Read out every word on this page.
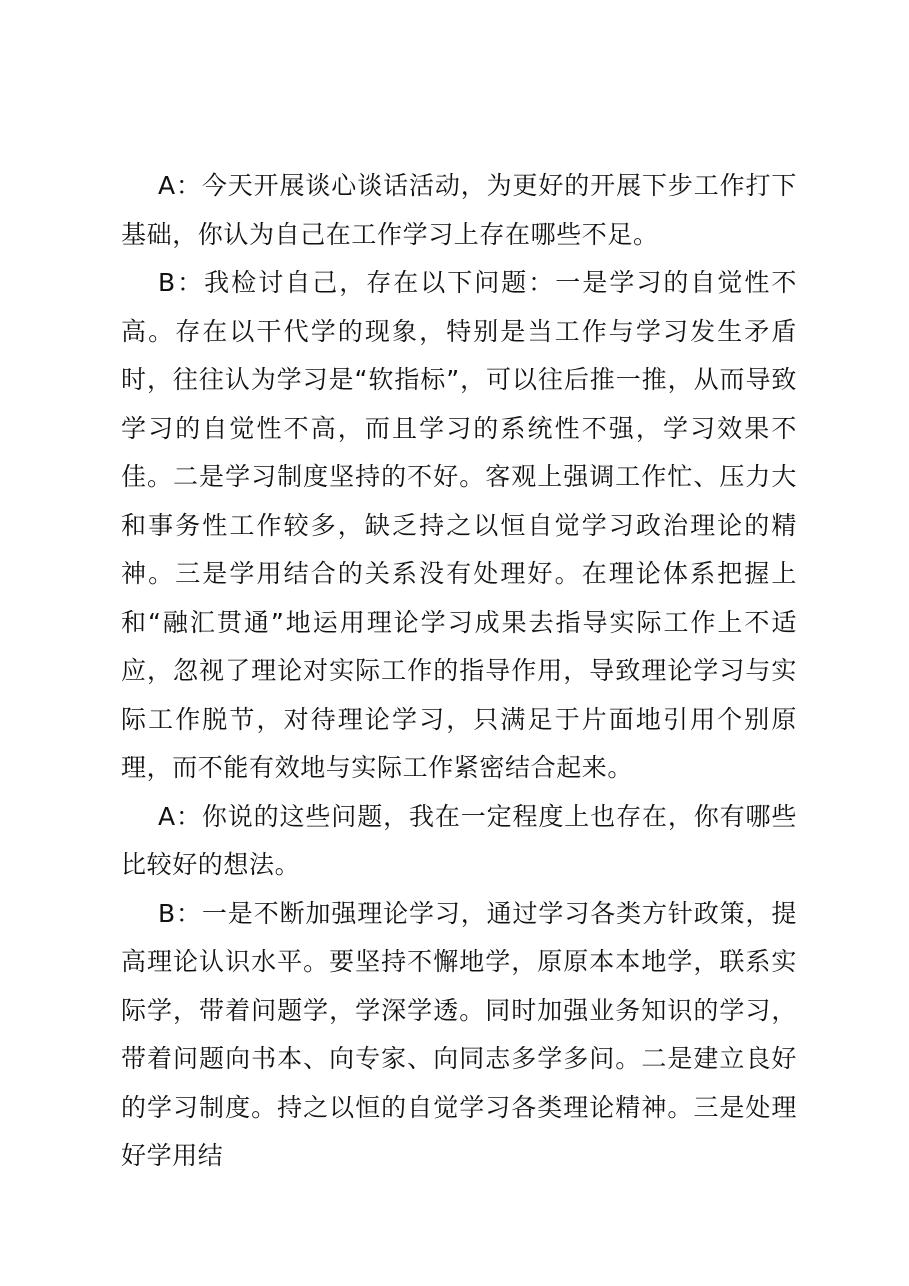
A：今天开展谈心谈话活动，为更好的开展下步工作打下基础，你认为自己在工作学习上存在哪些不足。

B：我检讨自己，存在以下问题：一是学习的自觉性不高。存在以干代学的现象，特别是当工作与学习发生矛盾时，往往认为学习是“软指标”，可以往后推一推，从而导致学习的自觉性不高，而且学习的系统性不强，学习效果不佳。二是学习制度坚持的不好。客观上强调工作忙、压力大和事务性工作较多，缺乏持之以恒自觉学习政治理论的精神。三是学用结合的关系没有处理好。在理论体系把握上和“融汇贯通”地运用理论学习成果去指导实际工作上不适应，忽视了理论对实际工作的指导作用，导致理论学习与实际工作脱节，对待理论学习，只满足于片面地引用个别原理，而不能有效地与实际工作紧密结合起来。

A：你说的这些问题，我在一定程度上也存在，你有哪些比较好的想法。

B：一是不断加强理论学习，通过学习各类方针政策，提高理论认识水平。要坚持不懈地学，原原本本地学，联系实际学，带着问题学，学深学透。同时加强业务知识的学习，带着问题向书本、向专家、向同志多学多问。二是建立良好的学习制度。持之以恒的自觉学习各类理论精神。三是处理好学用结
